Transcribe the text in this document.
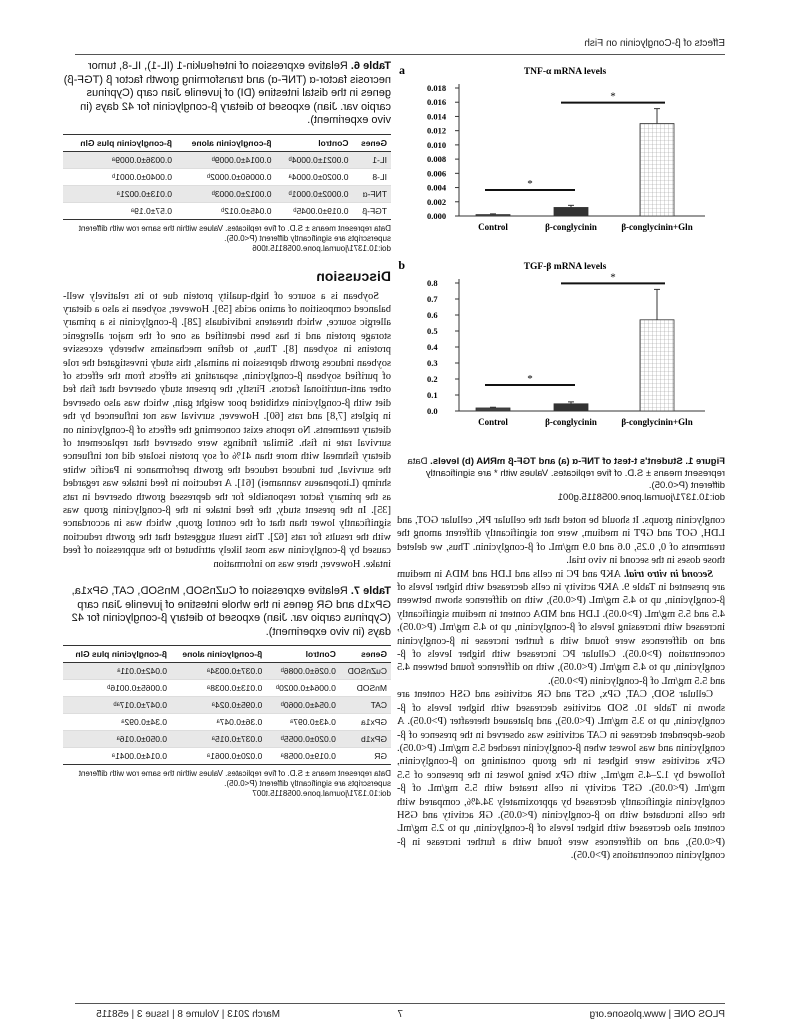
Effects of β-Conglycinin on Fish
a	TNF-α mRNA levels
0.000
0.002
0.004
0.006
0.008
0.010
0.012
0.014
0.016
0.018
Control	β-conglycinin	β-conglycinin+Gln
*
*
b	TGF-β mRNA levels
0.0
0.1
0.2
0.3
0.4
0.5
0.6
0.7
0.8
Control	β-conglycinin	β-conglycinin+Gln
*
*
Figure 1. Student's t-test of TNF-α (a) and TGF-β mRNA (b) levels. Data represent means ± S.D. of five replicates. Values with * are significantly different (P<0.05).
doi:10.1371/journal.pone.0058115.g001

conglycinin groups. It should be noted that the cellular PK, cellular GOT, and LDH, GOT and GPT in medium, were not significantly different among the treatments of 0, 0.25, 0.6 and 0.9 mg/mL of β-conglycinin. Thus, we deleted those doses in the second in vivo trial.

Second in vitro trial. AKP and PC in cells and LDH and MDA in medium are presented in Table 9. AKP activity in cells decreased with higher levels of β-conglycinin, up to 4.5 mg/mL (P<0.05), with no difference shown between 4.5 and 5.5 mg/mL (P>0.05). LDH and MDA content in medium significantly increased with increasing levels of β-conglycinin, up to 4.5 mg/mL (P<0.05), and no differences were found with a further increase in β-conglycinin concentration (P>0.05). Cellular PC increased with higher levels of β-conglycinin, up to 4.5 mg/mL (P<0.05), with no difference found between 4.5 and 5.5 mg/mL of β-conglycinin (P>0.05).

Cellular SOD, CAT, GPx, GST and GR activities and GSH content are shown in Table 10. SOD activities decreased with higher levels of β-conglycinin, up to 3.5 mg/mL (P<0.05), and plateaued thereafter (P>0.05). A dose-dependent decrease in CAT activities was observed in the presence of β-conglycinin and was lowest when β-conglycinin reached 5.5 mg/mL (P<0.05). GPx activities were highest in the group containing no β-conglycinin, followed by 1.2–4.5 mg/mL, with GPx being lowest in the presence of 5.5 mg/mL (P<0.05). GST activity in cells treated with 5.5 mg/mL of β-conglycinin significantly decreased by approximately 34.4%, compared with the cells incubated with no β-conglycinin (P<0.05). GR activity and GSH content also decreased with higher levels of β-conglycinin, up to 2.5 mg/mL (P<0.05), and no differences were found with a further increase in β-conglycinin concentrations (P>0.05).

Table 6. Relative expression of interleukin-1 (IL-1), IL-8, tumor necrosis factor-α (TNF-α) and transforming growth factor β (TGF-β) genes in the distal intestine (DI) of juvenile Jian carp (Cyprinus carpio var. Jian) exposed to dietary β-conglycinin for 42 days (in vivo experiment).
Genes	Control	β-conglycinin alone	β-conglycinin plus Gln
IL-1	0.0021±0.0004ᵇ	0.0014±0.0009ᵇ	0.0036±0.0009ᵃ
IL-8	0.0020±0.0004ᵃ	0.00060±0.0002ᵇ	0.0040±0.0001ᵇ
TNF-α	0.0002±0.0001ᵇ	0.0012±0.0003ᵇ	0.013±0.0021ᵃ
TGF-β	0.019±0.0045ᵇ	0.045±0.012ᵇ	0.57±0.19ᵃ
Data represent means ± S.D. of five replicates. Values within the same row with different superscripts are significantly different (P<0.05).
doi:10.1371/journal.pone.0058115.t006
Discussion

Soybean is a source of high-quality protein due to its relatively well-balanced composition of amino acids [59]. However, soybean is also a dietary allergic source, which threatens individuals [28]. β-conglycinin is a primary storage protein and it has been identified as one of the major allergenic proteins in soybean [8]. Thus, to define mechanisms whereby excessive soybean induces growth depression in animals, this study investigated the role of purified soybean β-conglycinin, separating its effects from the effects of other anti-nutritional factors. Firstly, the present study observed that fish fed diet with β-conglycinin exhibited poor weight gain, which was also observed in piglets [7,8] and rats [60]. However, survival was not influenced by the dietary treatments. No reports exist concerning the effects of β-conglycinin on survival rate in fish. Similar findings were observed that replacement of dietary fishmeal with more than 41% of soy protein isolate did not influence the survival, but induced reduced the growth performance in Pacific white shrimp (Litopenaeus vannamei) [61]. A reduction in feed intake was regarded as the primary factor responsible for the depressed growth observed in rats [35]. In the present study, the feed intake in the β-conglycinin group was significantly lower than that of the control group, which was in accordance with the results for rats [62]. This result suggested that the growth reduction caused by β-conglycinin was most likely attributed to the suppression of feed intake. However, there was no information

Table 7. Relative expression of CuZnSOD, MnSOD, CAT, GPx1a, GPx1b and GR genes in the whole intestine of juvenile Jian carp (Cyprinus carpio var. Jian) exposed to dietary β-conglycinin for 42 days (in vivo experiment).
Genes	Control	β-conglycinin alone	β-conglycinin plus Gln
CuZnSOD	0.026±0.0086ᵇ	0.037±0.0034ᵃ	0.042±0.011ᵃ
MnSOD	0.0064±0.0020ᵇ	0.013±0.0038ᵃ	0.0065±0.0016ᵇ
CAT	0.054±0.0060ᵇ	0.095±0.024ᵃ	0.047±0.017ᵃᵇ
GPx1a	0.43±0.097ᵃ	0.36±0.047ᵃ	0.34±0.092ᵃ
GPx1b	0.020±0.0055ᵇ	0.037±0.015ᵃ	0.050±0.016ᵃ
GR	0.019±0.0058ᵃ	0.020±0.0061ᵃ	0.014±0.0041ᵃ
Data represent means ± S.D. of five replicates. Values within the same row with different superscripts are significantly different (P<0.05).
doi:10.1371/journal.pone.0058115.t007
PLOS ONE | www.plosone.org
7
March 2013 | Volume 8 | Issue 3 | e58115
